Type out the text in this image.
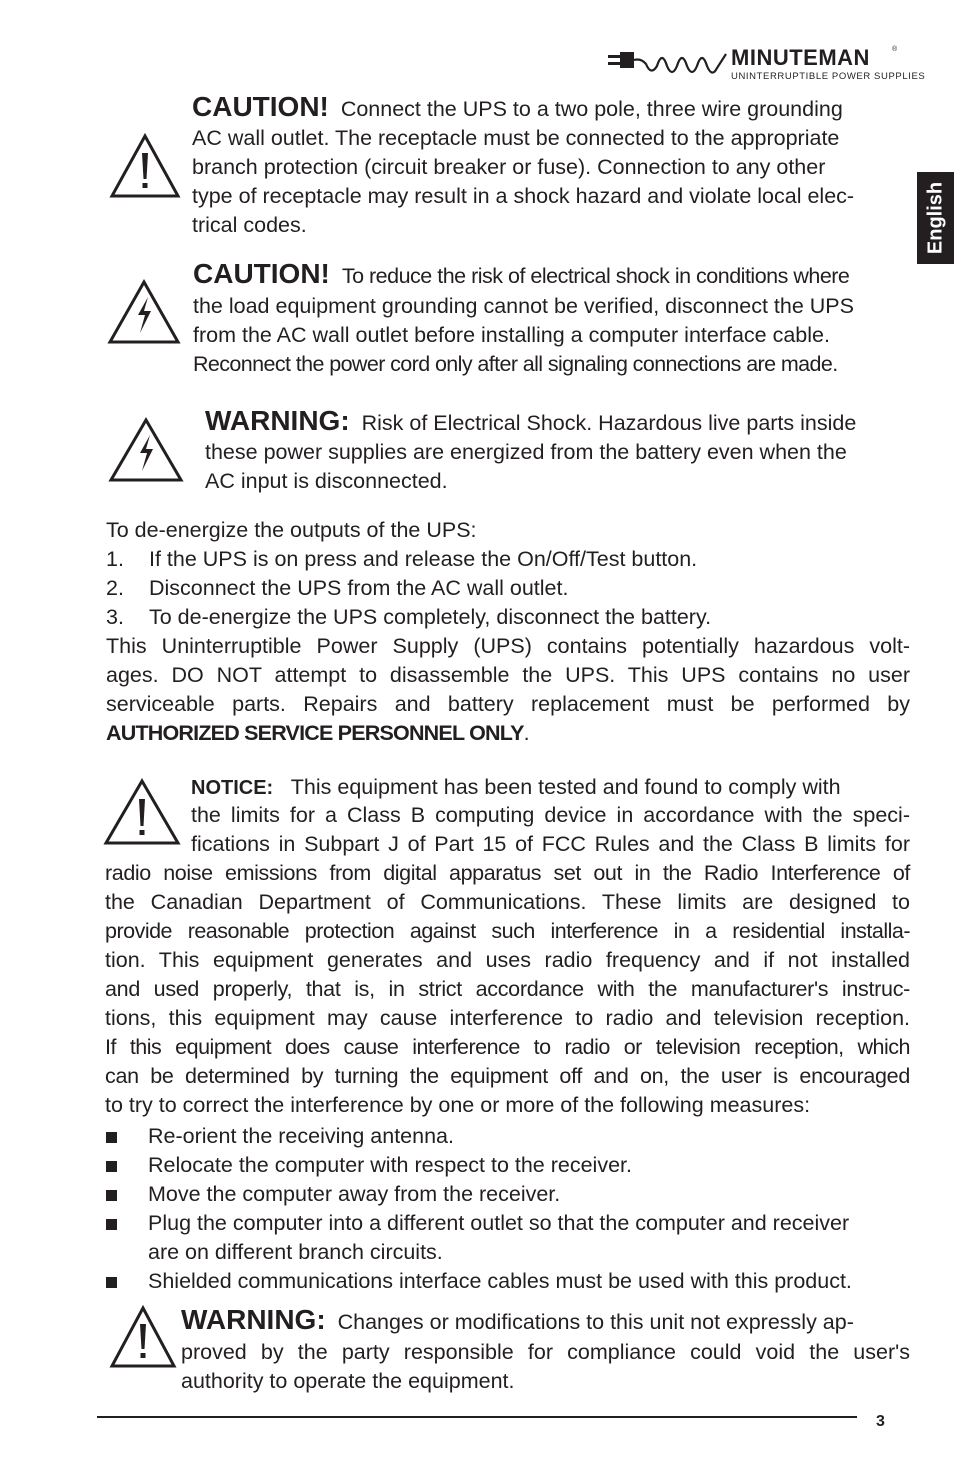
MINUTEMAN	®
UNINTERRUPTIBLE POWER SUPPLIES
English
CAUTION! Connect the UPS to a two pole, three wire grounding
AC wall outlet. The receptacle must be connected to the appropriate
branch protection (circuit breaker or fuse). Connection to any other
type of receptacle may result in a shock hazard and violate local elec-
trical codes.
CAUTION! To reduce the risk of electrical shock in conditions where
the load equipment grounding cannot be verified, disconnect the UPS
from the AC wall outlet before installing a computer interface cable.
Reconnect the power cord only after all signaling connections are made.
WARNING: Risk of Electrical Shock. Hazardous live parts inside
these power supplies are energized from the battery even when the
AC input is disconnected.
To de-energize the outputs of the UPS:
1. If the UPS is on press and release the On/Off/Test button.
2. Disconnect the UPS from the AC wall outlet.
3. To de-energize the UPS completely, disconnect the battery.
This Uninterruptible Power Supply (UPS) contains potentially hazardous volt-
ages. DO NOT attempt to disassemble the UPS. This UPS contains no user
serviceable parts. Repairs and battery replacement must be performed by
AUTHORIZED SERVICE PERSONNEL ONLY.
NOTICE: This equipment has been tested and found to comply with
the limits for a Class B computing device in accordance with the speci-
fications in Subpart J of Part 15 of FCC Rules and the Class B limits for
radio noise emissions from digital apparatus set out in the Radio Interference of
the Canadian Department of Communications. These limits are designed to
provide reasonable protection against such interference in a residential installa-
tion. This equipment generates and uses radio frequency and if not installed
and used properly, that is, in strict accordance with the manufacturer's instruc-
tions, this equipment may cause interference to radio and television reception.
If this equipment does cause interference to radio or television reception, which
can be determined by turning the equipment off and on, the user is encouraged
to try to correct the interference by one or more of the following measures:
Re-orient the receiving antenna.
Relocate the computer with respect to the receiver.
Move the computer away from the receiver.
Plug the computer into a different outlet so that the computer and receiver
are on different branch circuits.
Shielded communications interface cables must be used with this product.
WARNING: Changes or modifications to this unit not expressly ap-
proved by the party responsible for compliance could void the user's
authority to operate the equipment.
3
